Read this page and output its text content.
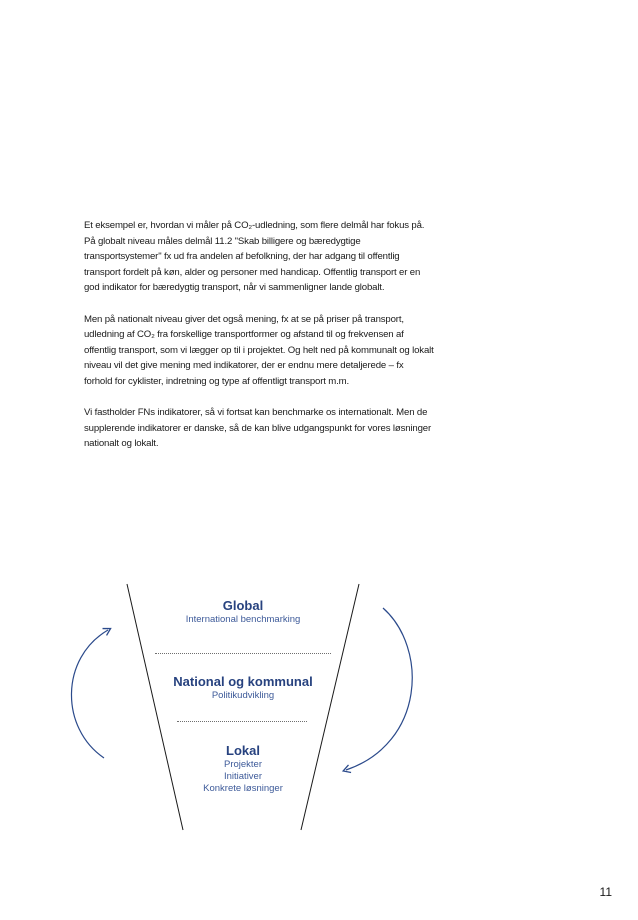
Et eksempel er, hvordan vi måler på CO₂-udledning, som flere delmål har fokus på. På globalt niveau måles delmål 11.2 "Skab billigere og bæredygtige transportsystemer" fx ud fra andelen af befolkning, der har adgang til offentlig transport fordelt på køn, alder og personer med handicap. Offentlig transport er en god indikator for bæredygtig transport, når vi sammenligner lande globalt.

Men på nationalt niveau giver det også mening, fx at se på priser på transport, udledning af CO₂ fra forskellige transportformer og afstand til og frekvensen af offentlig transport, som vi lægger op til i projektet. Og helt ned på kommunalt og lokalt niveau vil det give mening med indikatorer, der er endnu mere detaljerede – fx forhold for cyklister, indretning og type af offentligt transport m.m.

Vi fastholder FNs indikatorer, så vi fortsat kan benchmarke os internationalt. Men de supplerende indikatorer er danske, så de kan blive udgangspunkt for vores løsninger nationalt og lokalt.

Global
International benchmarking
National og kommunal
Politikudvikling
Lokal
Projekter
Initiativer
Konkrete løsninger
11
